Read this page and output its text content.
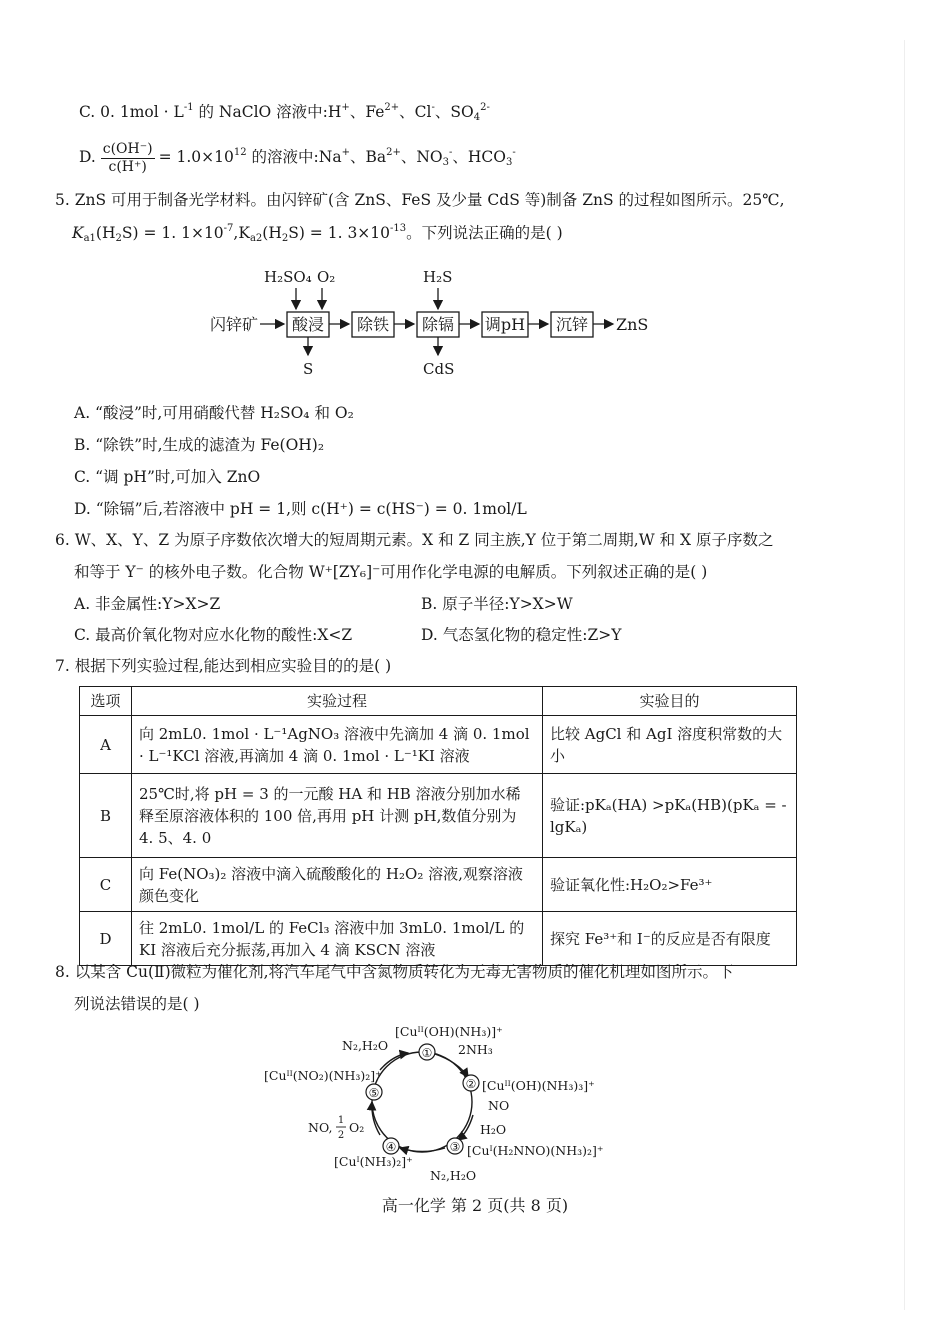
C. 0. $1mol \cdot L^{-1}$ 的 NaClO 溶液中:H+、$Fe^{2+}$、Cl-、$SO_4^{2-}$
D. $\frac{c(OH^-)}{c(H^+)} = 1.0\times 10^{12}$ 的溶液中:Na+、$Ba^{2+}$、$NO_3^-$、$HCO_3^-$
5. ZnS 可用于制备光学材料。由闪锌矿(含 ZnS、FeS 及少量 CdS 等)制备 ZnS 的过程如图所示。25℃,
$K_{a1}(H_2S) = 1$. $1\times 10^{-7},K_{a2}(H_2S) = 1$. $3\times 10^{-13}$。下列说法正确的是( )
闪锌矿 酸浸 除铁 除镉 调pH 沉锌 ZnS
H₂SO₄ O₂	H₂S
S	CdS
A. “酸浸”时,可用硝酸代替 H₂SO₄ 和 O₂
B. “除铁”时,生成的滤渣为 Fe(OH)₂
C. “调 pH”时,可加入 ZnO
D. “除镉”后,若溶液中 pH = 1,则 c(H⁺) = c(HS⁻) = 0. 1mol/L
6. W、X、Y、Z 为原子序数依次增大的短周期元素。X 和 Z 同主族,Y 位于第二周期,W 和 X 原子序数之
和等于 Y⁻ 的核外电子数。化合物 W⁺[ZY₆]⁻可用作化学电源的电解质。下列叙述正确的是( )
A. 非金属性:Y>X>Z	B. 原子半径:Y>X>W
C. 最高价氧化物对应水化物的酸性:X<Z	D. 气态氢化物的稳定性:Z>Y
7. 根据下列实验过程,能达到相应实验目的的是( )
选项	实验过程	实验目的
A	向 2mL0. 1mol · L⁻¹AgNO₃ 溶液中先滴加 4 滴 0. 1mol · L⁻¹KCl 溶液,再滴加 4 滴 0. 1mol · L⁻¹KI 溶液	比较 AgCl 和 AgI 溶度积常数的大小
B	25℃时,将 pH = 3 的一元酸 HA 和 HB 溶液分别加水稀释至原溶液体积的 100 倍,再用 pH 计测 pH,数值分别为 4. 5、4. 0	验证:pKₐ(HA) >pKₐ(HB)(pKₐ = -lgKₐ)
C	向 Fe(NO₃)₂ 溶液中滴入硫酸酸化的 H₂O₂ 溶液,观察溶液颜色变化	验证氧化性:H₂O₂>Fe³⁺
D	往 2mL0. 1mol/L 的 FeCl₃ 溶液中加 3mL0. 1mol/L 的 KI 溶液后充分振荡,再加入 4 滴 KSCN 溶液	探究 Fe³⁺和 I⁻的反应是否有限度
8. 以某含 Cu(Ⅱ)微粒为催化剂,将汽车尾气中含氮物质转化为无毒无害物质的催化机理如图所示。下
列说法错误的是( )
①
②
③
④
⑤
[Cuᴵᴵ(OH)(NH₃)]⁺
[Cuᴵᴵ(OH)(NH₃)₃]⁺
[Cuᴵ(H₂NNO)(NH₃)₂]⁺
[Cuᴵ(NH₃)₂]⁺
[Cuᴵᴵ(NO₂)(NH₃)₂]⁺
2NH₃
NO
H₂O
N₂,H₂O
NO, 1
2
O₂
N₂,H₂O
高一化学 第 2 页(共 8 页)
